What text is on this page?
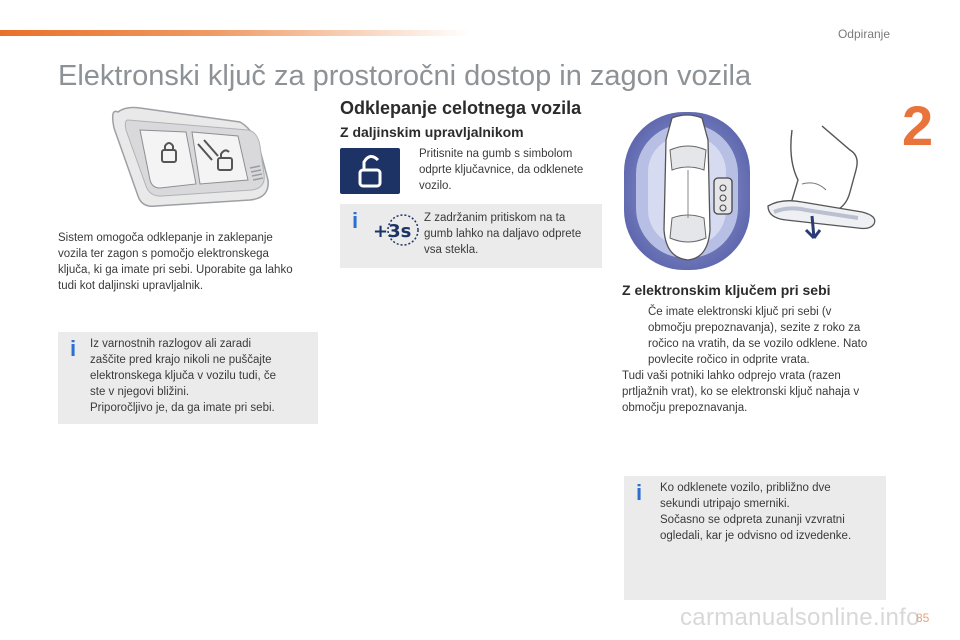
Odpiranje
2
Elektronski ključ za prostoročni dostop in zagon vozila

Sistem omogoča odklepanje in zaklepanje
vozila ter zagon s pomočjo elektronskega
ključa, ki ga imate pri sebi. Uporabite ga lahko
tudi kot daljinski upravljalnik.

i Iz varnostnih razlogov ali zaradi
zaščite pred krajo nikoli ne puščajte
elektronskega ključa v vozilu tudi, če
ste v njegovi bližini.
Priporočljivo je, da ga imate pri sebi.

Odklepanje celotnega vozila
Z daljinskim upravljalnikom

Pritisnite na gumb s simbolom
odprte ključavnice, da odklenete
vozilo.

i +3s

Z zadržanim pritiskom na ta
gumb lahko na daljavo odprete
vsa stekla.

Z elektronskim ključem pri sebi

Če imate elektronski ključ pri sebi (v
območju prepoznavanja), sezite z roko za
ročico na vratih, da se vozilo odklene. Nato
povlecite ročico in odprite vrata.

Tudi vaši potniki lahko odprejo vrata (razen
prtljažnih vrat), ko se elektronski ključ nahaja v
območju prepoznavanja.

i Ko odklenete vozilo, približno dve
sekundi utripajo smerniki.
Sočasno se odpreta zunanji vzvratni
ogledali, kar je odvisno od izvedenke.

carmanualsonline.info
85
